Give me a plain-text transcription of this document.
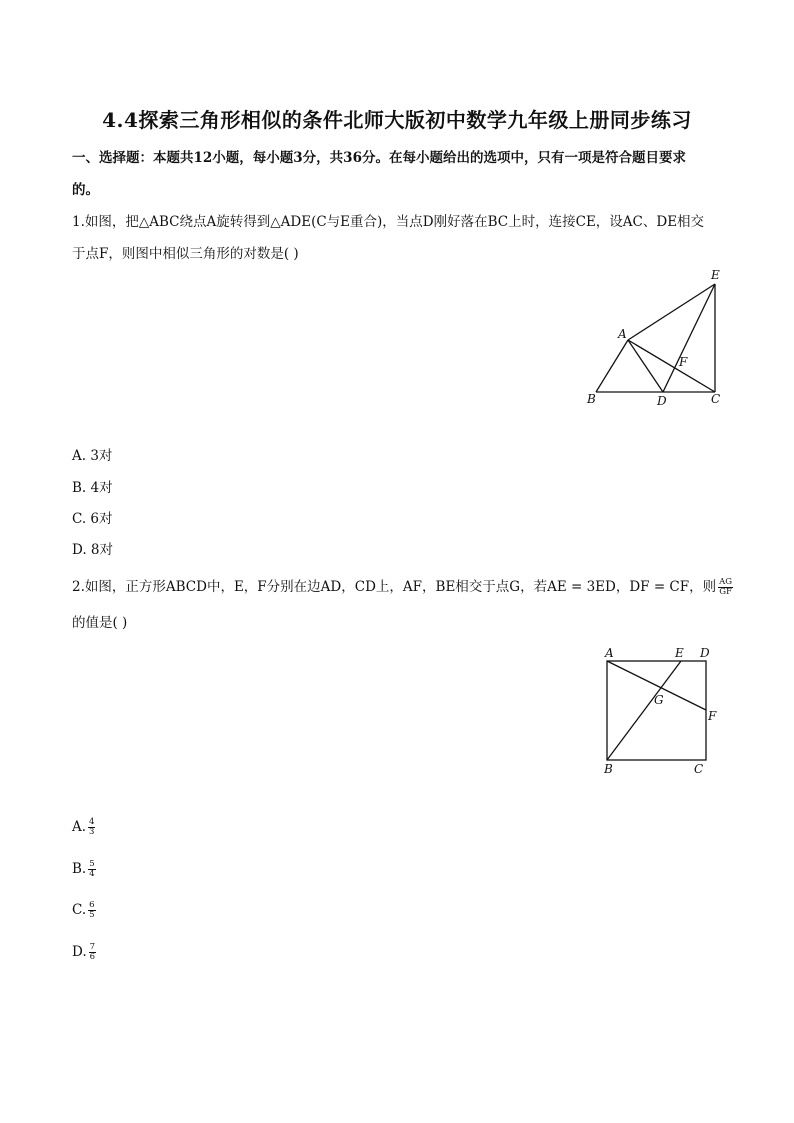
4.4探索三角形相似的条件北师大版初中数学九年级上册同步练习
一、选择题：本题共12小题，每小题3分，共36分。在每小题给出的选项中，只有一项是符合题目要求
的。
1.如图，把△ABC绕点A旋转得到△ADE(C与E重合)，当点D刚好落在BC上时，连接CE，设AC、DE相交
于点F，则图中相似三角形的对数是( )
E
A
F
B	D	C
A. 3对
B. 4对
C. 6对
D. 8对
2.如图，正方形ABCD中，E，F分别在边AD，CD上，AF，BE相交于点G，若AE = 3ED，DF = CF，则 $\frac{AG}{GF}$
的值是( )
A	E D
G
F
B	C
A. $\frac{4}{3}$
B. $\frac{5}{4}$
C. $\frac{6}{5}$
D. $\frac{7}{6}$
